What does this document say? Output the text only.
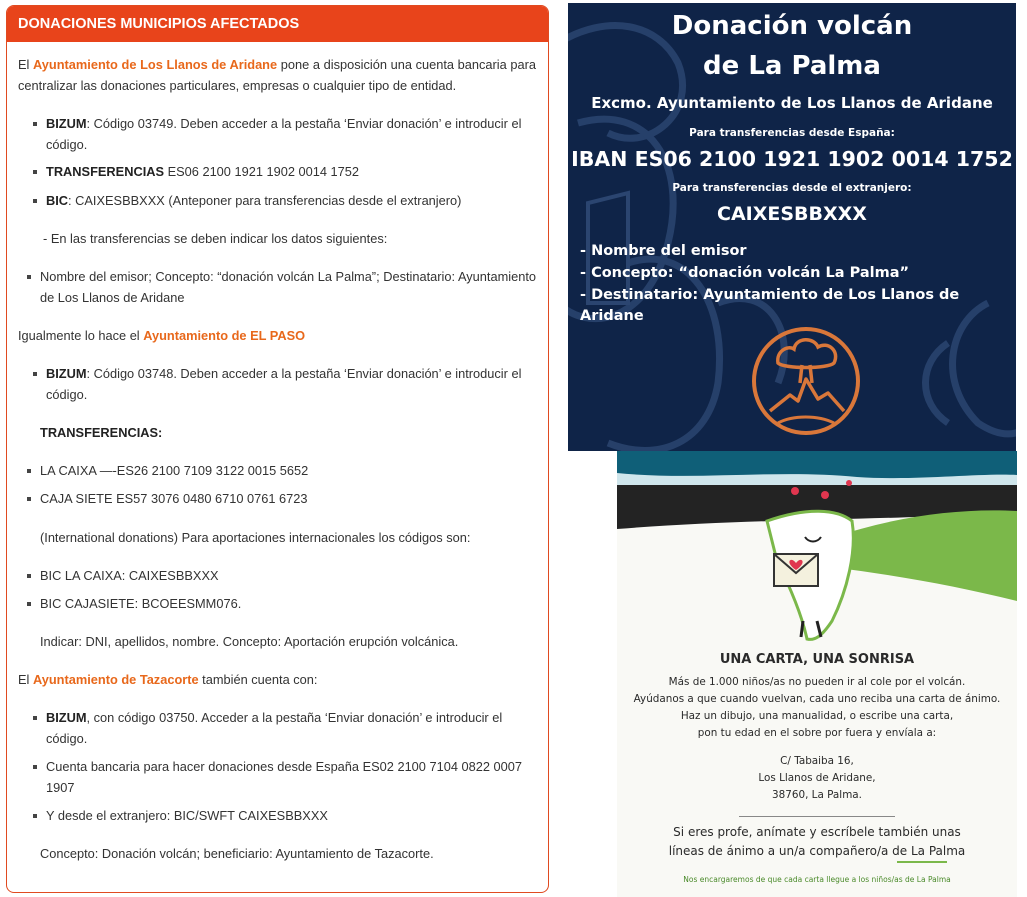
DONACIONES MUNICIPIOS AFECTADOS
El Ayuntamiento de Los Llanos de Aridane pone a disposición una cuenta bancaria para centralizar las donaciones particulares, empresas o cualquier tipo de entidad.
BIZUM: Código 03749. Deben acceder a la pestaña ‘Enviar donación’ e introducir el código.
TRANSFERENCIAS ES06 2100 1921 1902 0014 1752
BIC: CAIXESBBXXX (Anteponer para transferencias desde el extranjero)
- En las transferencias se deben indicar los datos siguientes:
Nombre del emisor; Concepto: “donación volcán La Palma”; Destinatario: Ayuntamiento de Los Llanos de Aridane
Igualmente lo hace el Ayuntamiento de EL PASO
BIZUM: Código 03748. Deben acceder a la pestaña ‘Enviar donación’ e introducir el código.
TRANSFERENCIAS:
LA CAIXA —-ES26 2100 7109 3122 0015 5652
CAJA SIETE ES57 3076 0480 6710 0761 6723
(International donations) Para aportaciones internacionales los códigos son:
BIC LA CAIXA: CAIXESBBXXX
BIC CAJASIETE: BCOEESMM076.
Indicar: DNI, apellidos, nombre. Concepto: Aportación erupción volcánica.
El Ayuntamiento de Tazacorte también cuenta con:
BIZUM, con código 03750. Acceder a la pestaña ‘Enviar donación’ e introducir el código.
Cuenta bancaria para hacer donaciones desde España ES02 2100 7104 0822 0007 1907
Y desde el extranjero: BIC/SWFT CAIXESBBXXX
Concepto: Donación volcán; beneficiario: Ayuntamiento de Tazacorte.
Donación volcán
de La Palma
Excmo. Ayuntamiento de Los Llanos de Aridane
Para transferencias desde España:
IBAN ES06 2100 1921 1902 0014 1752
Para transferencias desde el extranjero:
CAIXESBBXXX
- Nombre del emisor
- Concepto: “donación volcán La Palma”
- Destinatario: Ayuntamiento de Los Llanos de
Aridane
UNA CARTA, UNA SONRISA
Más de 1.000 niños/as no pueden ir al cole por el volcán.
Ayúdanos a que cuando vuelvan, cada uno reciba una carta de ánimo.
Haz un dibujo, una manualidad, o escribe una carta,
pon tu edad en el sobre por fuera y envíala a:
C/ Tabaiba 16,
Los Llanos de Aridane,
38760, La Palma.
Si eres profe, anímate y escríbele también unas
líneas de ánimo a un/a compañero/a de La Palma
Nos encargaremos de que cada carta llegue a los niños/as de La Palma
